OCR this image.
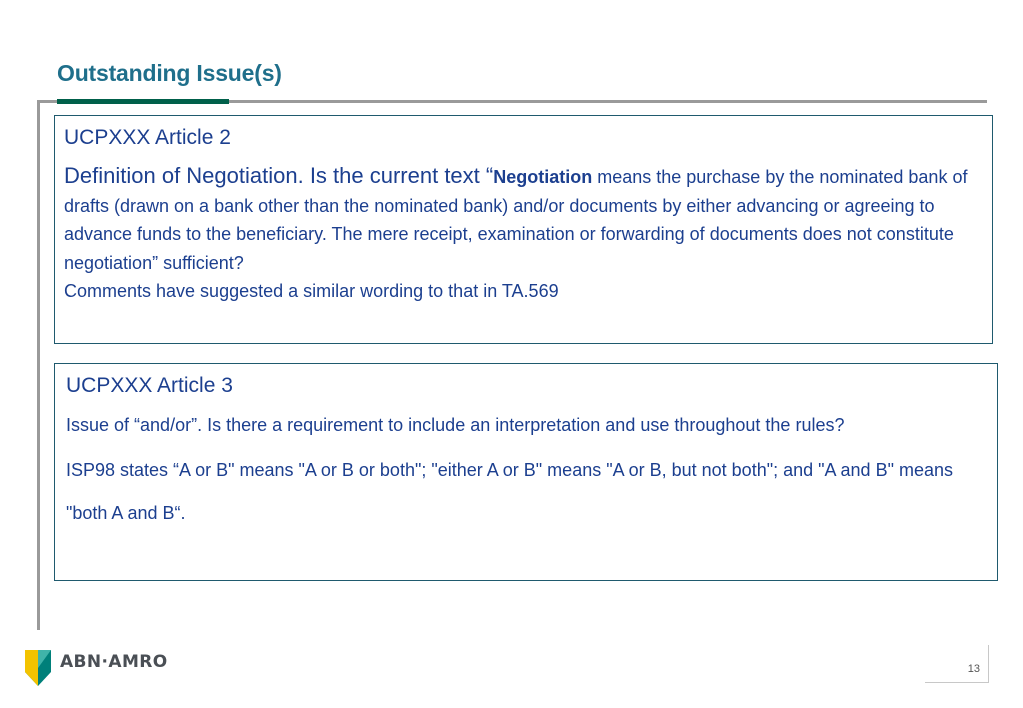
Outstanding Issue(s)
UCPXXX Article 2

Definition of Negotiation. Is the current text “Negotiation means the purchase by the nominated bank of drafts (drawn on a bank other than the nominated bank) and/or documents by either advancing or agreeing to advance funds to the beneficiary. The mere receipt, examination or forwarding of documents does not constitute negotiation” sufficient?

Comments have suggested a similar wording to that in TA.569

UCPXXX Article 3

Issue of “and/or”. Is there a requirement to include an interpretation and use throughout the rules?

ISP98 states “A or B" means "A or B or both"; "either A or B" means "A or B, but not both"; and "A and B" means "both A and B“.

ABN·AMRO	13
